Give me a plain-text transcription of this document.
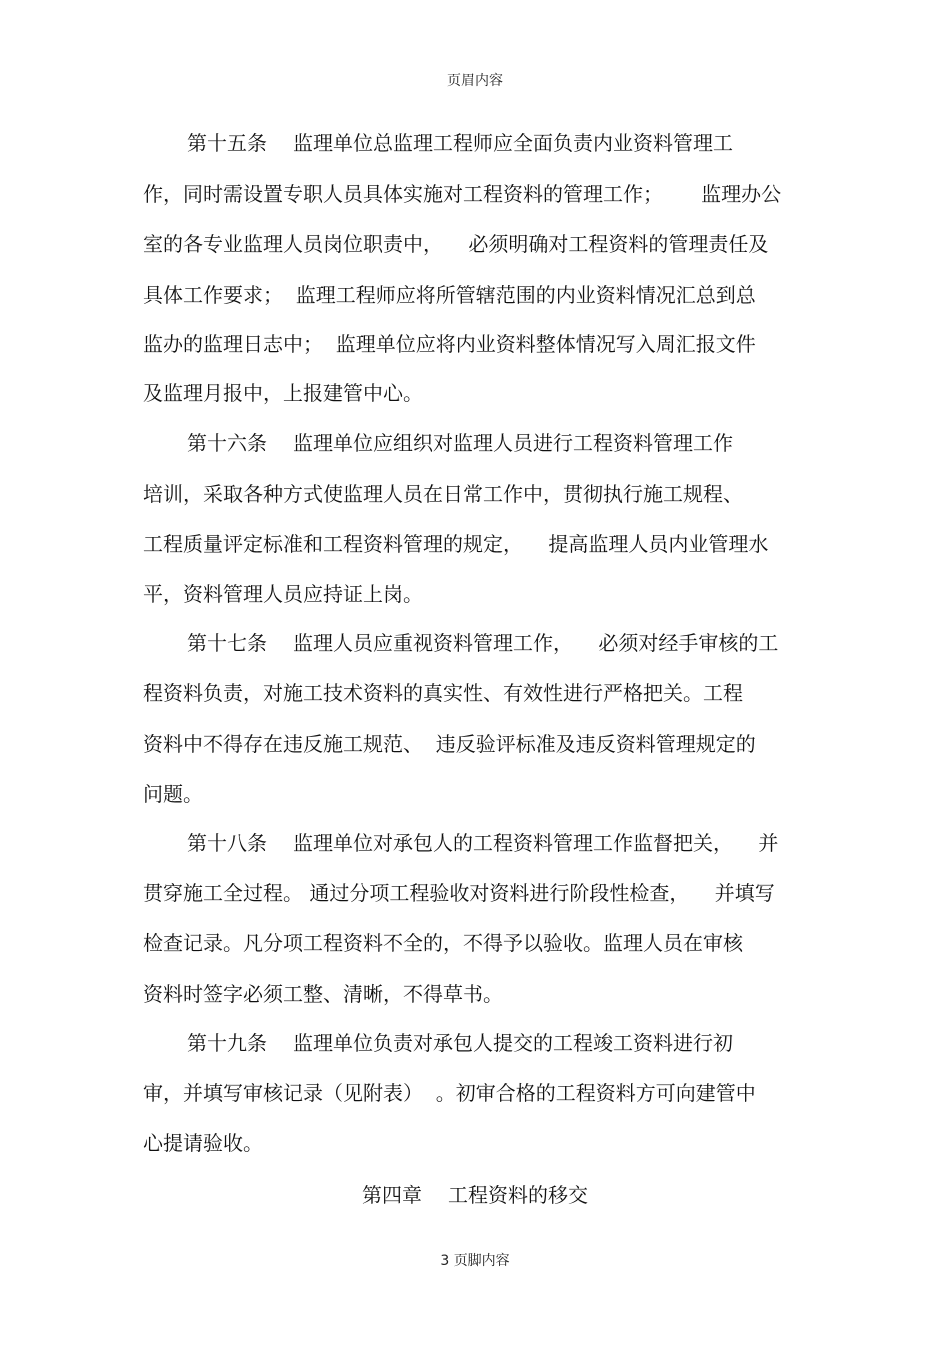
页眉内容
第十五条 监理单位总监理工程师应全面负责内业资料管理工
作，同时需设置专职人员具体实施对工程资料的管理工作；      监理办公
室的各专业监理人员岗位职责中，    必须明确对工程资料的管理责任及
具体工作要求；  监理工程师应将所管辖范围的内业资料情况汇总到总
监办的监理日志中；  监理单位应将内业资料整体情况写入周汇报文件
及监理月报中，上报建管中心。
第十六条 监理单位应组织对监理人员进行工程资料管理工作
培训，采取各种方式使监理人员在日常工作中，贯彻执行施工规程、
工程质量评定标准和工程资料管理的规定，    提高监理人员内业管理水
平，资料管理人员应持证上岗。
第十七条 监理人员应重视资料管理工作，    必须对经手审核的工
程资料负责，对施工技术资料的真实性、有效性进行严格把关。工程
资料中不得存在违反施工规范、  违反验评标准及违反资料管理规定的
问题。
第十八条 监理单位对承包人的工程资料管理工作监督把关，    并
贯穿施工全过程。 通过分项工程验收对资料进行阶段性检查，    并填写
检查记录。凡分项工程资料不全的，不得予以验收。监理人员在审核
资料时签字必须工整、清晰，不得草书。
第十九条 监理单位负责对承包人提交的工程竣工资料进行初
审，并填写审核记录（见附表）  。初审合格的工程资料方可向建管中
心提请验收。
第四章 工程资料的移交
3 页脚内容
